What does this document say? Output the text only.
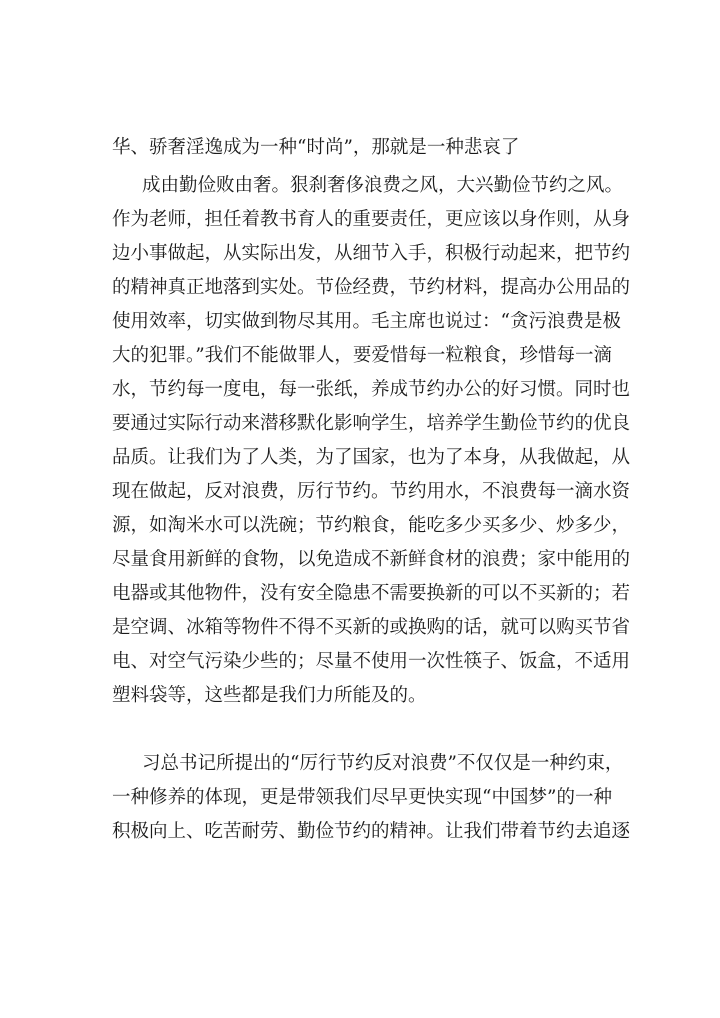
华、骄奢淫逸成为一种“时尚”，那就是一种悲哀了
成由勤俭败由奢。狠刹奢侈浪费之风，大兴勤俭节约之风。
作为老师，担任着教书育人的重要责任，更应该以身作则，从身
边小事做起，从实际出发，从细节入手，积极行动起来，把节约
的精神真正地落到实处。节俭经费，节约材料，提高办公用品的
使用效率，切实做到物尽其用。毛主席也说过：“贪污浪费是极
大的犯罪。”我们不能做罪人，要爱惜每一粒粮食，珍惜每一滴
水，节约每一度电，每一张纸，养成节约办公的好习惯。同时也
要通过实际行动来潜移默化影响学生，培养学生勤俭节约的优良
品质。让我们为了人类，为了国家，也为了本身，从我做起，从
现在做起，反对浪费，厉行节约。节约用水，不浪费每一滴水资
源，如淘米水可以洗碗；节约粮食，能吃多少买多少、炒多少，
尽量食用新鲜的食物，以免造成不新鲜食材的浪费；家中能用的
电器或其他物件，没有安全隐患不需要换新的可以不买新的；若
是空调、冰箱等物件不得不买新的或换购的话，就可以购买节省
电、对空气污染少些的；尽量不使用一次性筷子、饭盒，不适用
塑料袋等，这些都是我们力所能及的。
习总书记所提出的“厉行节约反对浪费”不仅仅是一种约束，
一种修养的体现，更是带领我们尽早更快实现“中国梦”的一种
积极向上、吃苦耐劳、勤俭节约的精神。让我们带着节约去追逐
